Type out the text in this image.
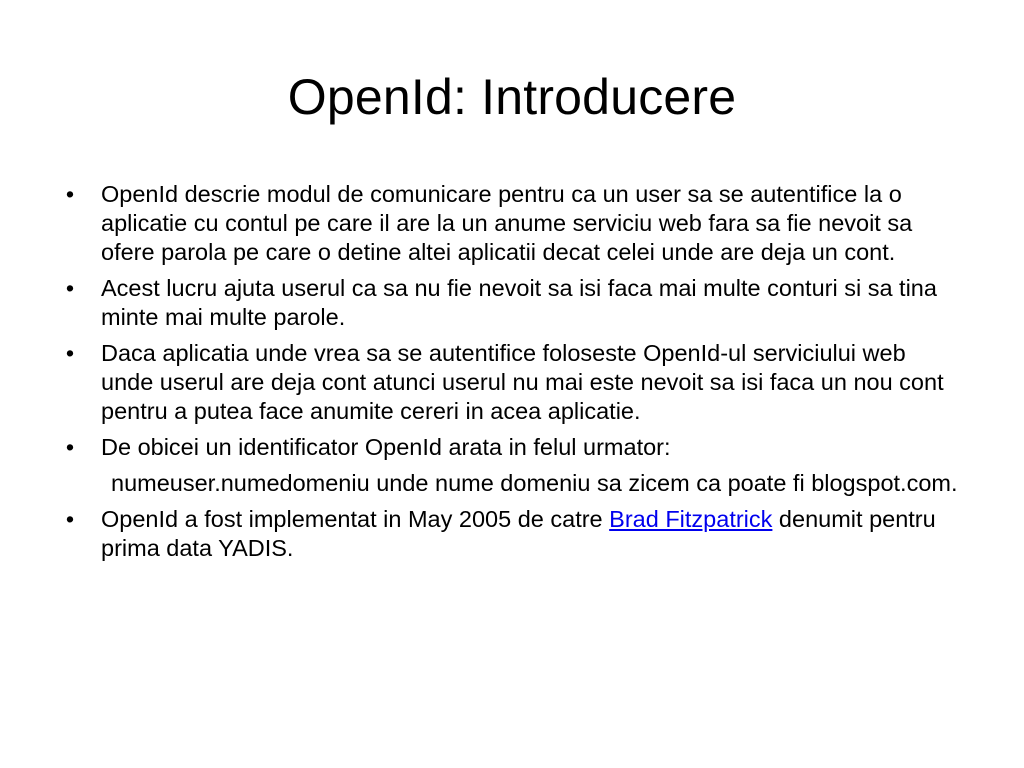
OpenId: Introducere
• OpenId descrie modul de comunicare pentru ca un user sa se autentifice la o aplicatie cu contul pe care il are la un anume serviciu web fara sa fie nevoit sa ofere parola pe care o detine altei aplicatii decat celei unde are deja un cont.
• Acest lucru ajuta userul ca sa nu fie nevoit sa isi faca mai multe conturi si sa tina minte mai multe parole.
• Daca aplicatia unde vrea sa se autentifice foloseste OpenId-ul serviciului web unde userul are deja cont atunci userul nu mai este nevoit sa isi faca un nou cont pentru a putea face anumite cereri in acea aplicatie.
• De obicei un identificator OpenId arata in felul urmator:
numeuser.numedomeniu unde nume domeniu sa zicem ca poate fi blogspot.com.
• OpenId a fost implementat in May 2005 de catre Brad Fitzpatrick denumit pentru prima data YADIS.
